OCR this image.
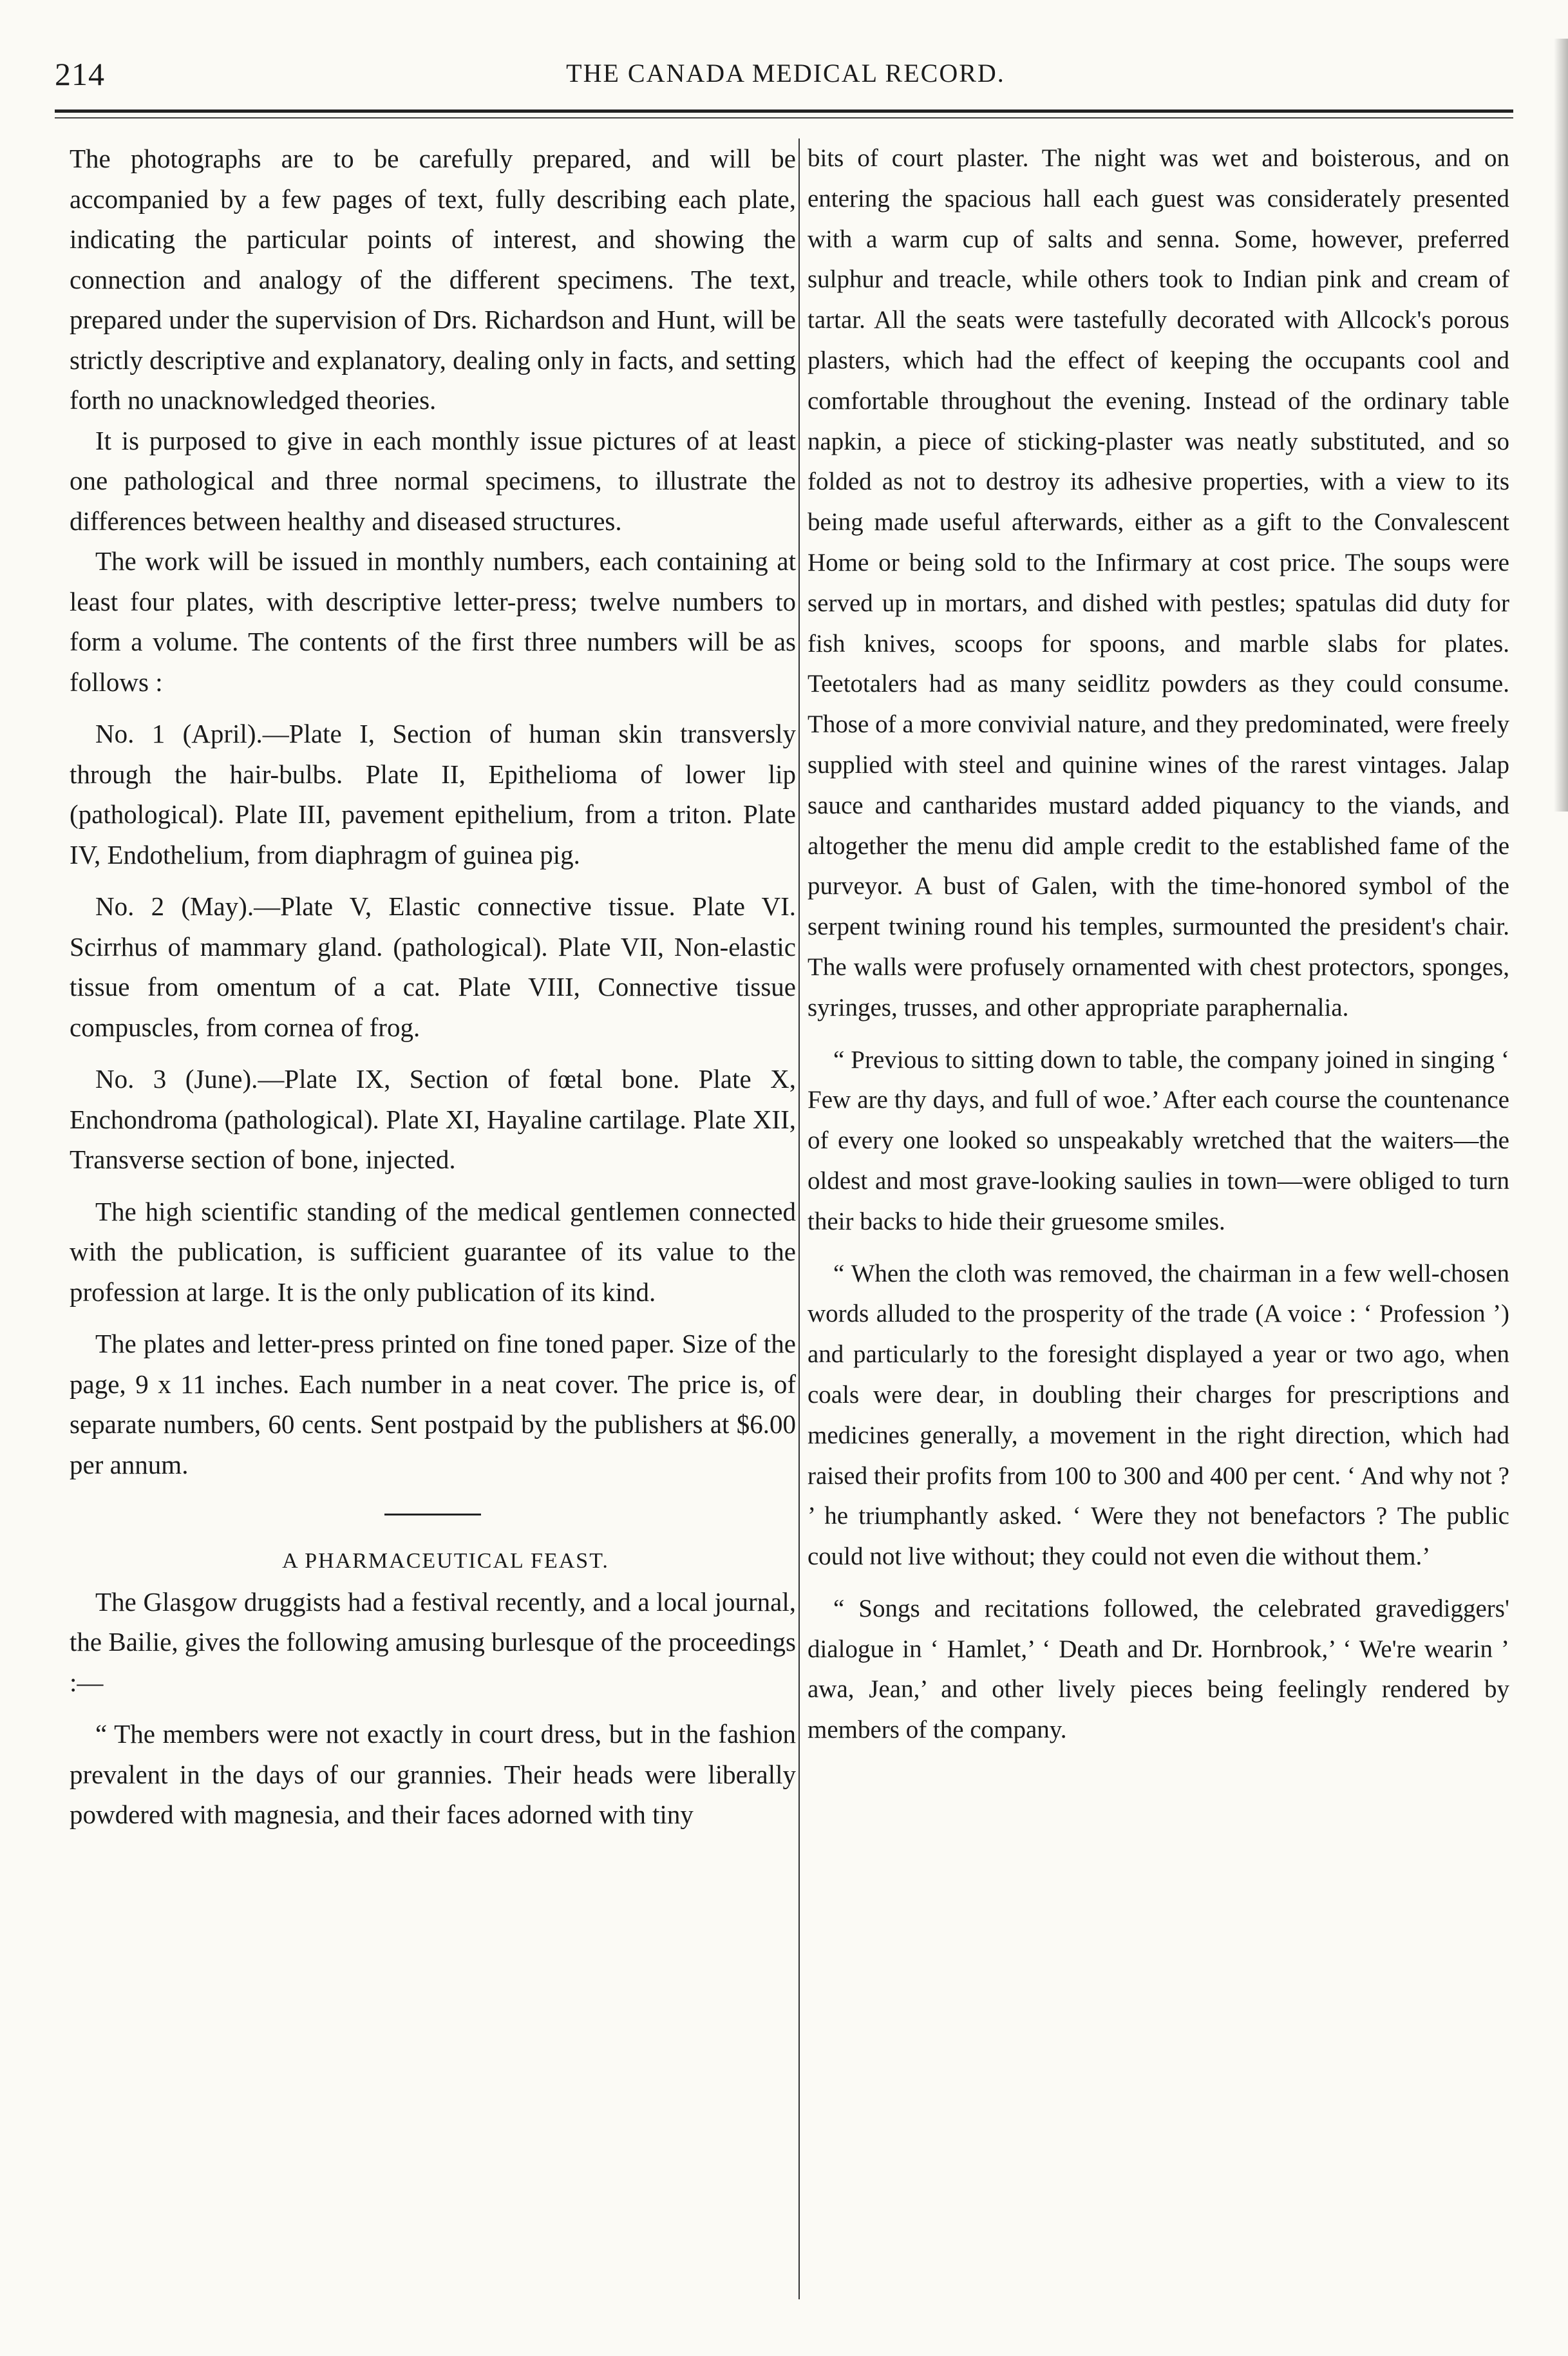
214	THE CANADA MEDICAL RECORD.

The photographs are to be carefully prepared, and will be accompanied by a few pages of text, fully describing each plate, indicating the particular points of interest, and showing the connection and analogy of the different specimens. The text, prepared under the supervision of Drs. Richardson and Hunt, will be strictly descriptive and explanatory, dealing only in facts, and setting forth no unacknowledged theories.

It is purposed to give in each monthly issue pictures of at least one pathological and three normal specimens, to illustrate the differences between healthy and diseased structures.

The work will be issued in monthly numbers, each containing at least four plates, with descriptive letter-press; twelve numbers to form a volume. The contents of the first three numbers will be as follows :

No. 1 (April).—Plate I, Section of human skin transversly through the hair-bulbs. Plate II, Epithelioma of lower lip (pathological). Plate III, pavement epithelium, from a triton. Plate IV, Endothelium, from diaphragm of guinea pig.

No. 2 (May).—Plate V, Elastic connective tissue. Plate VI. Scirrhus of mammary gland. (pathological). Plate VII, Non-elastic tissue from omentum of a cat. Plate VIII, Connective tissue compuscles, from cornea of frog.

No. 3 (June).—Plate IX, Section of fœtal bone. Plate X, Enchondroma (pathological). Plate XI, Hayaline cartilage. Plate XII, Transverse section of bone, injected.

The high scientific standing of the medical gentlemen connected with the publication, is sufficient guarantee of its value to the profession at large. It is the only publication of its kind.

The plates and letter-press printed on fine toned paper. Size of the page, 9 x 11 inches. Each number in a neat cover. The price is, of separate numbers, 60 cents. Sent postpaid by the publishers at $6.00 per annum.

A PHARMACEUTICAL FEAST.

The Glasgow druggists had a festival recently, and a local journal, the Bailie, gives the following amusing burlesque of the proceedings :—

“ The members were not exactly in court dress, but in the fashion prevalent in the days of our grannies. Their heads were liberally powdered with magnesia, and their faces adorned with tiny

bits of court plaster. The night was wet and boisterous, and on entering the spacious hall each guest was considerately presented with a warm cup of salts and senna. Some, however, preferred sulphur and treacle, while others took to Indian pink and cream of tartar. All the seats were tastefully decorated with Allcock's porous plasters, which had the effect of keeping the occupants cool and comfortable throughout the evening. Instead of the ordinary table napkin, a piece of sticking-plaster was neatly substituted, and so folded as not to destroy its adhesive properties, with a view to its being made useful afterwards, either as a gift to the Convalescent Home or being sold to the Infirmary at cost price. The soups were served up in mortars, and dished with pestles; spatulas did duty for fish knives, scoops for spoons, and marble slabs for plates. Teetotalers had as many seidlitz powders as they could consume. Those of a more convivial nature, and they predominated, were freely supplied with steel and quinine wines of the rarest vintages. Jalap sauce and cantharides mustard added piquancy to the viands, and altogether the menu did ample credit to the established fame of the purveyor. A bust of Galen, with the time-honored symbol of the serpent twining round his temples, surmounted the president's chair. The walls were profusely ornamented with chest protectors, sponges, syringes, trusses, and other appropriate paraphernalia.

“ Previous to sitting down to table, the company joined in singing ‘ Few are thy days, and full of woe.’ After each course the countenance of every one looked so unspeakably wretched that the waiters—the oldest and most grave-looking saulies in town—were obliged to turn their backs to hide their gruesome smiles.

“ When the cloth was removed, the chairman in a few well-chosen words alluded to the prosperity of the trade (A voice : ‘ Profession ’) and particularly to the foresight displayed a year or two ago, when coals were dear, in doubling their charges for prescriptions and medicines generally, a movement in the right direction, which had raised their profits from 100 to 300 and 400 per cent. ‘ And why not ? ’ he triumphantly asked. ‘ Were they not benefactors ? The public could not live without; they could not even die without them.’

“ Songs and recitations followed, the celebrated gravediggers' dialogue in ‘ Hamlet,’ ‘ Death and Dr. Hornbrook,’ ‘ We're wearin ’ awa, Jean,’ and other lively pieces being feelingly rendered by members of the company.
